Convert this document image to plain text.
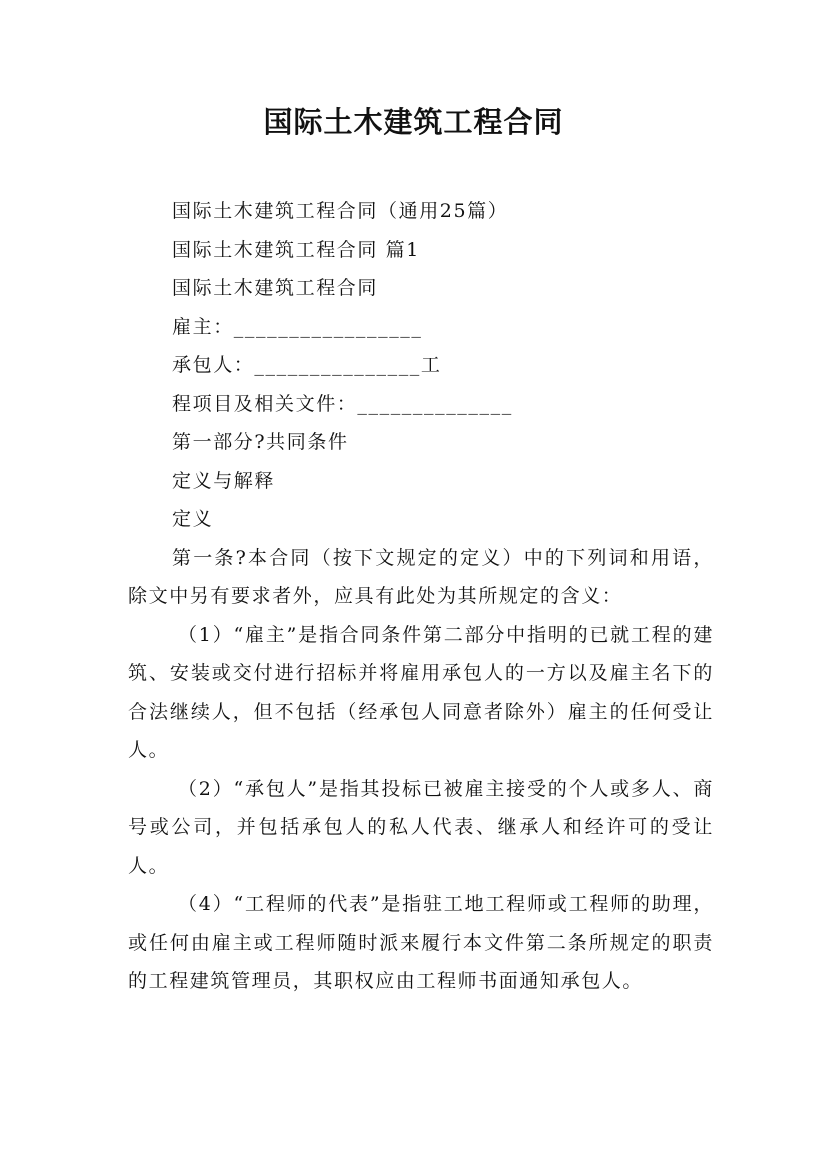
国际土木建筑工程合同

国际土木建筑工程合同（通用25篇）

国际土木建筑工程合同 篇1

国际土木建筑工程合同

雇主：_________________

承包人：_______________工

程项目及相关文件：______________

第一部分?共同条件

定义与解释

定义

第一条?本合同（按下文规定的定义）中的下列词和用语，除文中另有要求者外，应具有此处为其所规定的含义：

（1）“雇主”是指合同条件第二部分中指明的已就工程的建筑、安装或交付进行招标并将雇用承包人的一方以及雇主名下的合法继续人，但不包括（经承包人同意者除外）雇主的任何受让人。

（2）“承包人”是指其投标已被雇主接受的个人或多人、商号或公司，并包括承包人的私人代表、继承人和经许可的受让人。

（4）“工程师的代表”是指驻工地工程师或工程师的助理，或任何由雇主或工程师随时派来履行本文件第二条所规定的职责的工程建筑管理员，其职权应由工程师书面通知承包人。
